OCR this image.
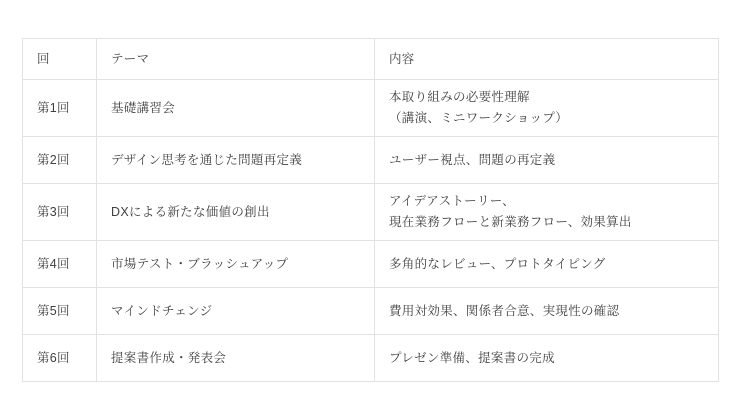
回	テーマ	内容
第1回	基礎講習会	本取り組みの必要性理解
（講演、ミニワークショップ）

第2回	デザイン思考を通じた問題再定義	ユーザー視点、問題の再定義

第3回	DXによる新たな価値の創出	アイデアストーリー、
現在業務フローと新業務フロー、効果算出

第4回	市場テスト・ブラッシュアップ	多角的なレビュー、プロトタイピング

第5回	マインドチェンジ	費用対効果、関係者合意、実現性の確認

第6回	提案書作成・発表会	プレゼン準備、提案書の完成
